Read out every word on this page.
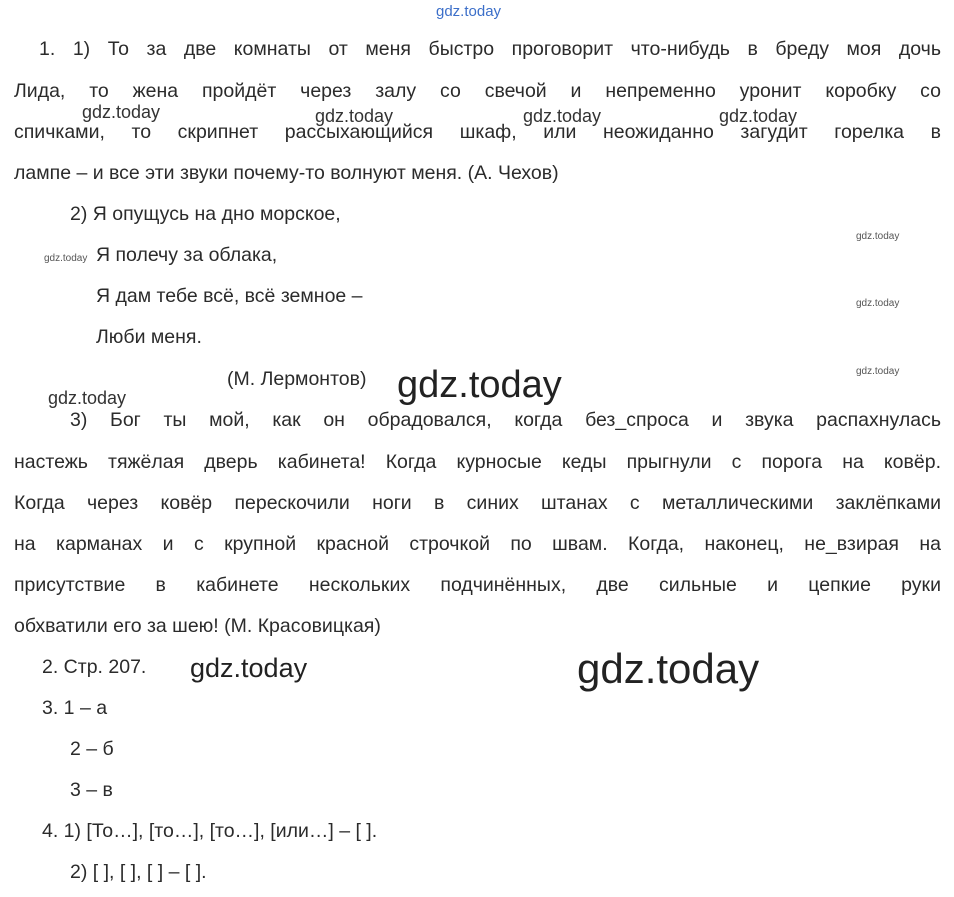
gdz.today
gdz.today	gdz.today	gdz.today	gdz.today
gdz.today
gdz.today
gdz.today
gdz.today
gdz.today	gdz.today
gdz.today	gdz.today
1. 1) То за две комнаты от меня быстро проговорит что-нибудь в бреду моя дочь
Лида, то жена пройдёт через залу со свечой и непременно уронит коробку со
спичками, то скрипнет рассыхающийся шкаф, или неожиданно загудит горелка в
лампе – и все эти звуки почему-то волнуют меня. (А. Чехов)
2) Я опущусь на дно морское,
Я полечу за облака,
Я дам тебе всё, всё земное –
Люби меня.
(М. Лермонтов)
3) Бог ты мой, как он обрадовался, когда без_спроса и звука распахнулась
настежь тяжёлая дверь кабинета! Когда курносые кеды прыгнули с порога на ковёр.
Когда через ковёр перескочили ноги в синих штанах с металлическими заклёпками
на карманах и с крупной красной строчкой по швам. Когда, наконец, не_взирая на
присутствие в кабинете нескольких подчинённых, две сильные и цепкие руки
обхватили его за шею! (М. Красовицкая)
2. Стр. 207.
3. 1 – а
2 – б
3 – в
4. 1) [То…], [то…], [то…], [или…] – [ ].
2) [ ], [ ], [ ] – [ ].
